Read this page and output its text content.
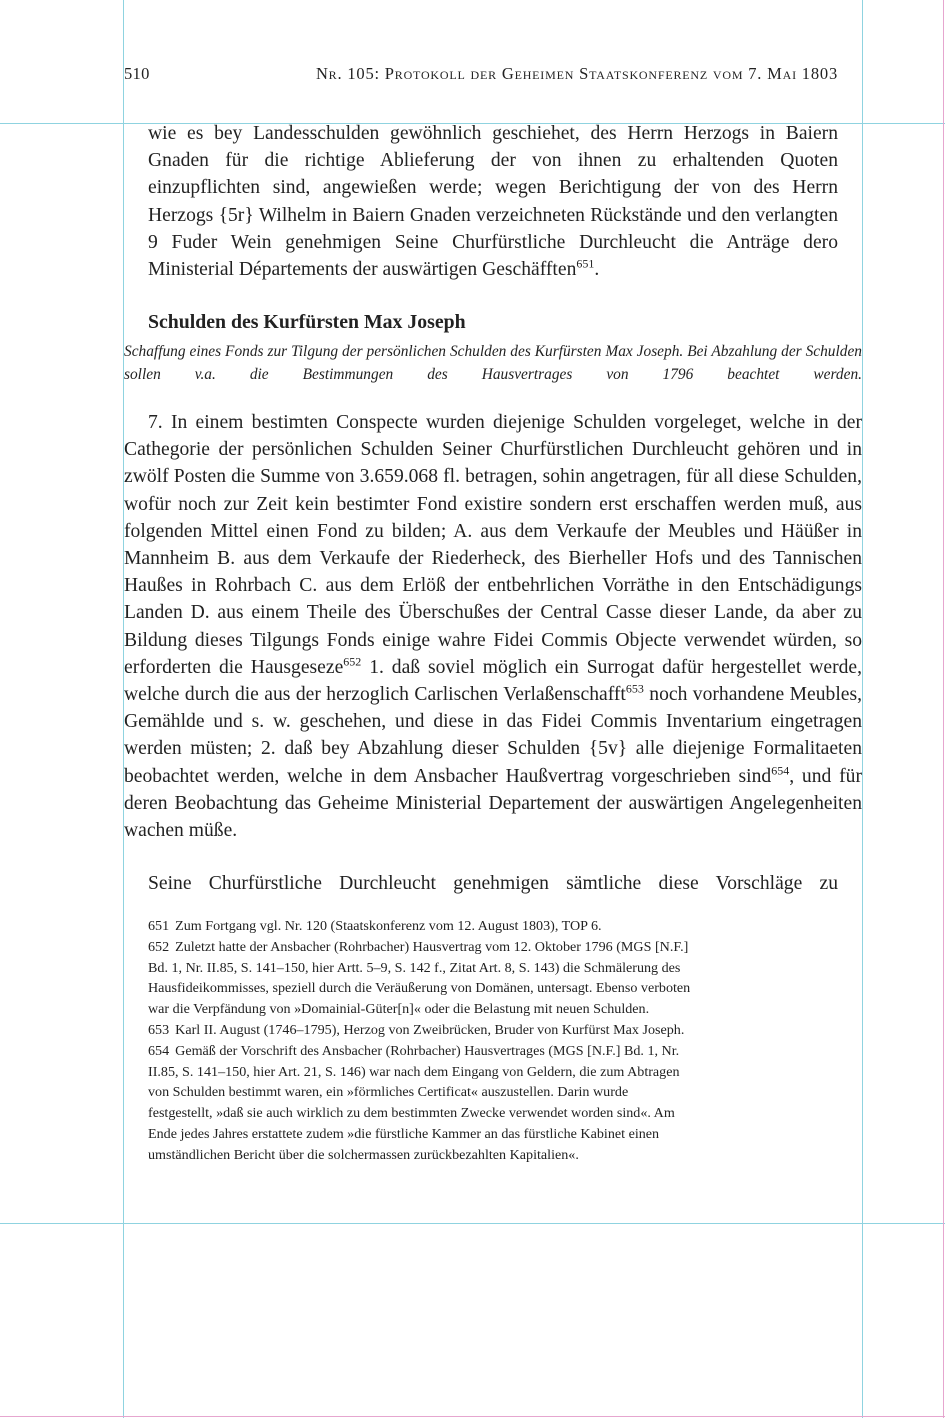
510	Nr. 105: Protokoll der Geheimen Staatskonferenz vom 7. Mai 1803

wie es bey Landesschulden gewöhnlich geschiehet, des Herrn Herzogs in Baiern Gnaden für die richtige Ablieferung der von ihnen zu erhaltenden Quoten einzupflichten sind, angewießen werde; wegen Berichtigung der von des Herrn Herzogs {5r} Wilhelm in Baiern Gnaden verzeichneten Rückstände und den verlangten 9 Fuder Wein genehmigen Seine Churfürstliche Durchleucht die Anträge dero Ministerial Départements der auswärtigen Geschäfften$^{651}$.

Schulden des Kurfürsten Max Joseph

Schaffung eines Fonds zur Tilgung der persönlichen Schulden des Kurfürsten Max Joseph. Bei Abzahlung der Schulden sollen v.a. die Bestimmungen des Hausvertrages von 1796 beachtet werden.

7. In einem bestimten Conspecte wurden diejenige Schulden vorgeleget, welche in der Cathegorie der persönlichen Schulden Seiner Churfürstlichen Durchleucht gehören und in zwölf Posten die Summe von 3.659.068 fl. betragen, sohin angetragen, für all diese Schulden, wofür noch zur Zeit kein bestimter Fond existire sondern erst erschaffen werden muß, aus folgenden Mittel einen Fond zu bilden; A. aus dem Verkaufe der Meubles und Häüßer in Mannheim B. aus dem Verkaufe der Riederheck, des Bierheller Hofs und des Tannischen Haußes in Rohrbach C. aus dem Erlöß der entbehrlichen Vorräthe in den Entschädigungs Landen D. aus einem Theile des Überschußes der Central Casse dieser Lande, da aber zu Bildung dieses Tilgungs Fonds einige wahre Fidei Commis Objecte verwendet würden, so erforderten die Hausgeseze$^{652}$ 1. daß soviel möglich ein Surrogat dafür hergestellet werde, welche durch die aus der herzoglich Carlischen Verlaßenschafft$^{653}$ noch vorhandene Meubles, Gemählde und s. w. geschehen, und diese in das Fidei Commis Inventarium eingetragen werden müsten; 2. daß bey Abzahlung dieser Schulden {5v} alle diejenige Formalitaeten beobachtet werden, welche in dem Ansbacher Haußvertrag vorgeschrieben sind$^{654}$, und für deren Beobachtung das Geheime Ministerial Departement der auswärtigen Angelegenheiten wachen müße.

Seine Churfürstliche Durchleucht genehmigen sämtliche diese Vorschläge zu

651 Zum Fortgang vgl. Nr. 120 (Staatskonferenz vom 12. August 1803), TOP 6.
652 Zuletzt hatte der Ansbacher (Rohrbacher) Hausvertrag vom 12. Oktober 1796 (MGS [N.F.] Bd. 1, Nr. II.85, S. 141–150, hier Artt. 5–9, S. 142 f., Zitat Art. 8, S. 143) die Schmälerung des Hausfideikommisses, speziell durch die Veräußerung von Domänen, untersagt. Ebenso verboten war die Verpfändung von »Domainial-Güter[n]« oder die Belastung mit neuen Schulden.
653 Karl II. August (1746–1795), Herzog von Zweibrücken, Bruder von Kurfürst Max Joseph.
654 Gemäß der Vorschrift des Ansbacher (Rohrbacher) Hausvertrages (MGS [N.F.] Bd. 1, Nr. II.85, S. 141–150, hier Art. 21, S. 146) war nach dem Eingang von Geldern, die zum Abtragen von Schulden bestimmt waren, ein »förmliches Certificat« auszustellen. Darin wurde festgestellt, »daß sie auch wirklich zu dem bestimmten Zwecke verwendet worden sind«. Am Ende jedes Jahres erstattete zudem »die fürstliche Kammer an das fürstliche Kabinet einen umständlichen Bericht über die solchermassen zurückbezahlten Kapitalien«.
